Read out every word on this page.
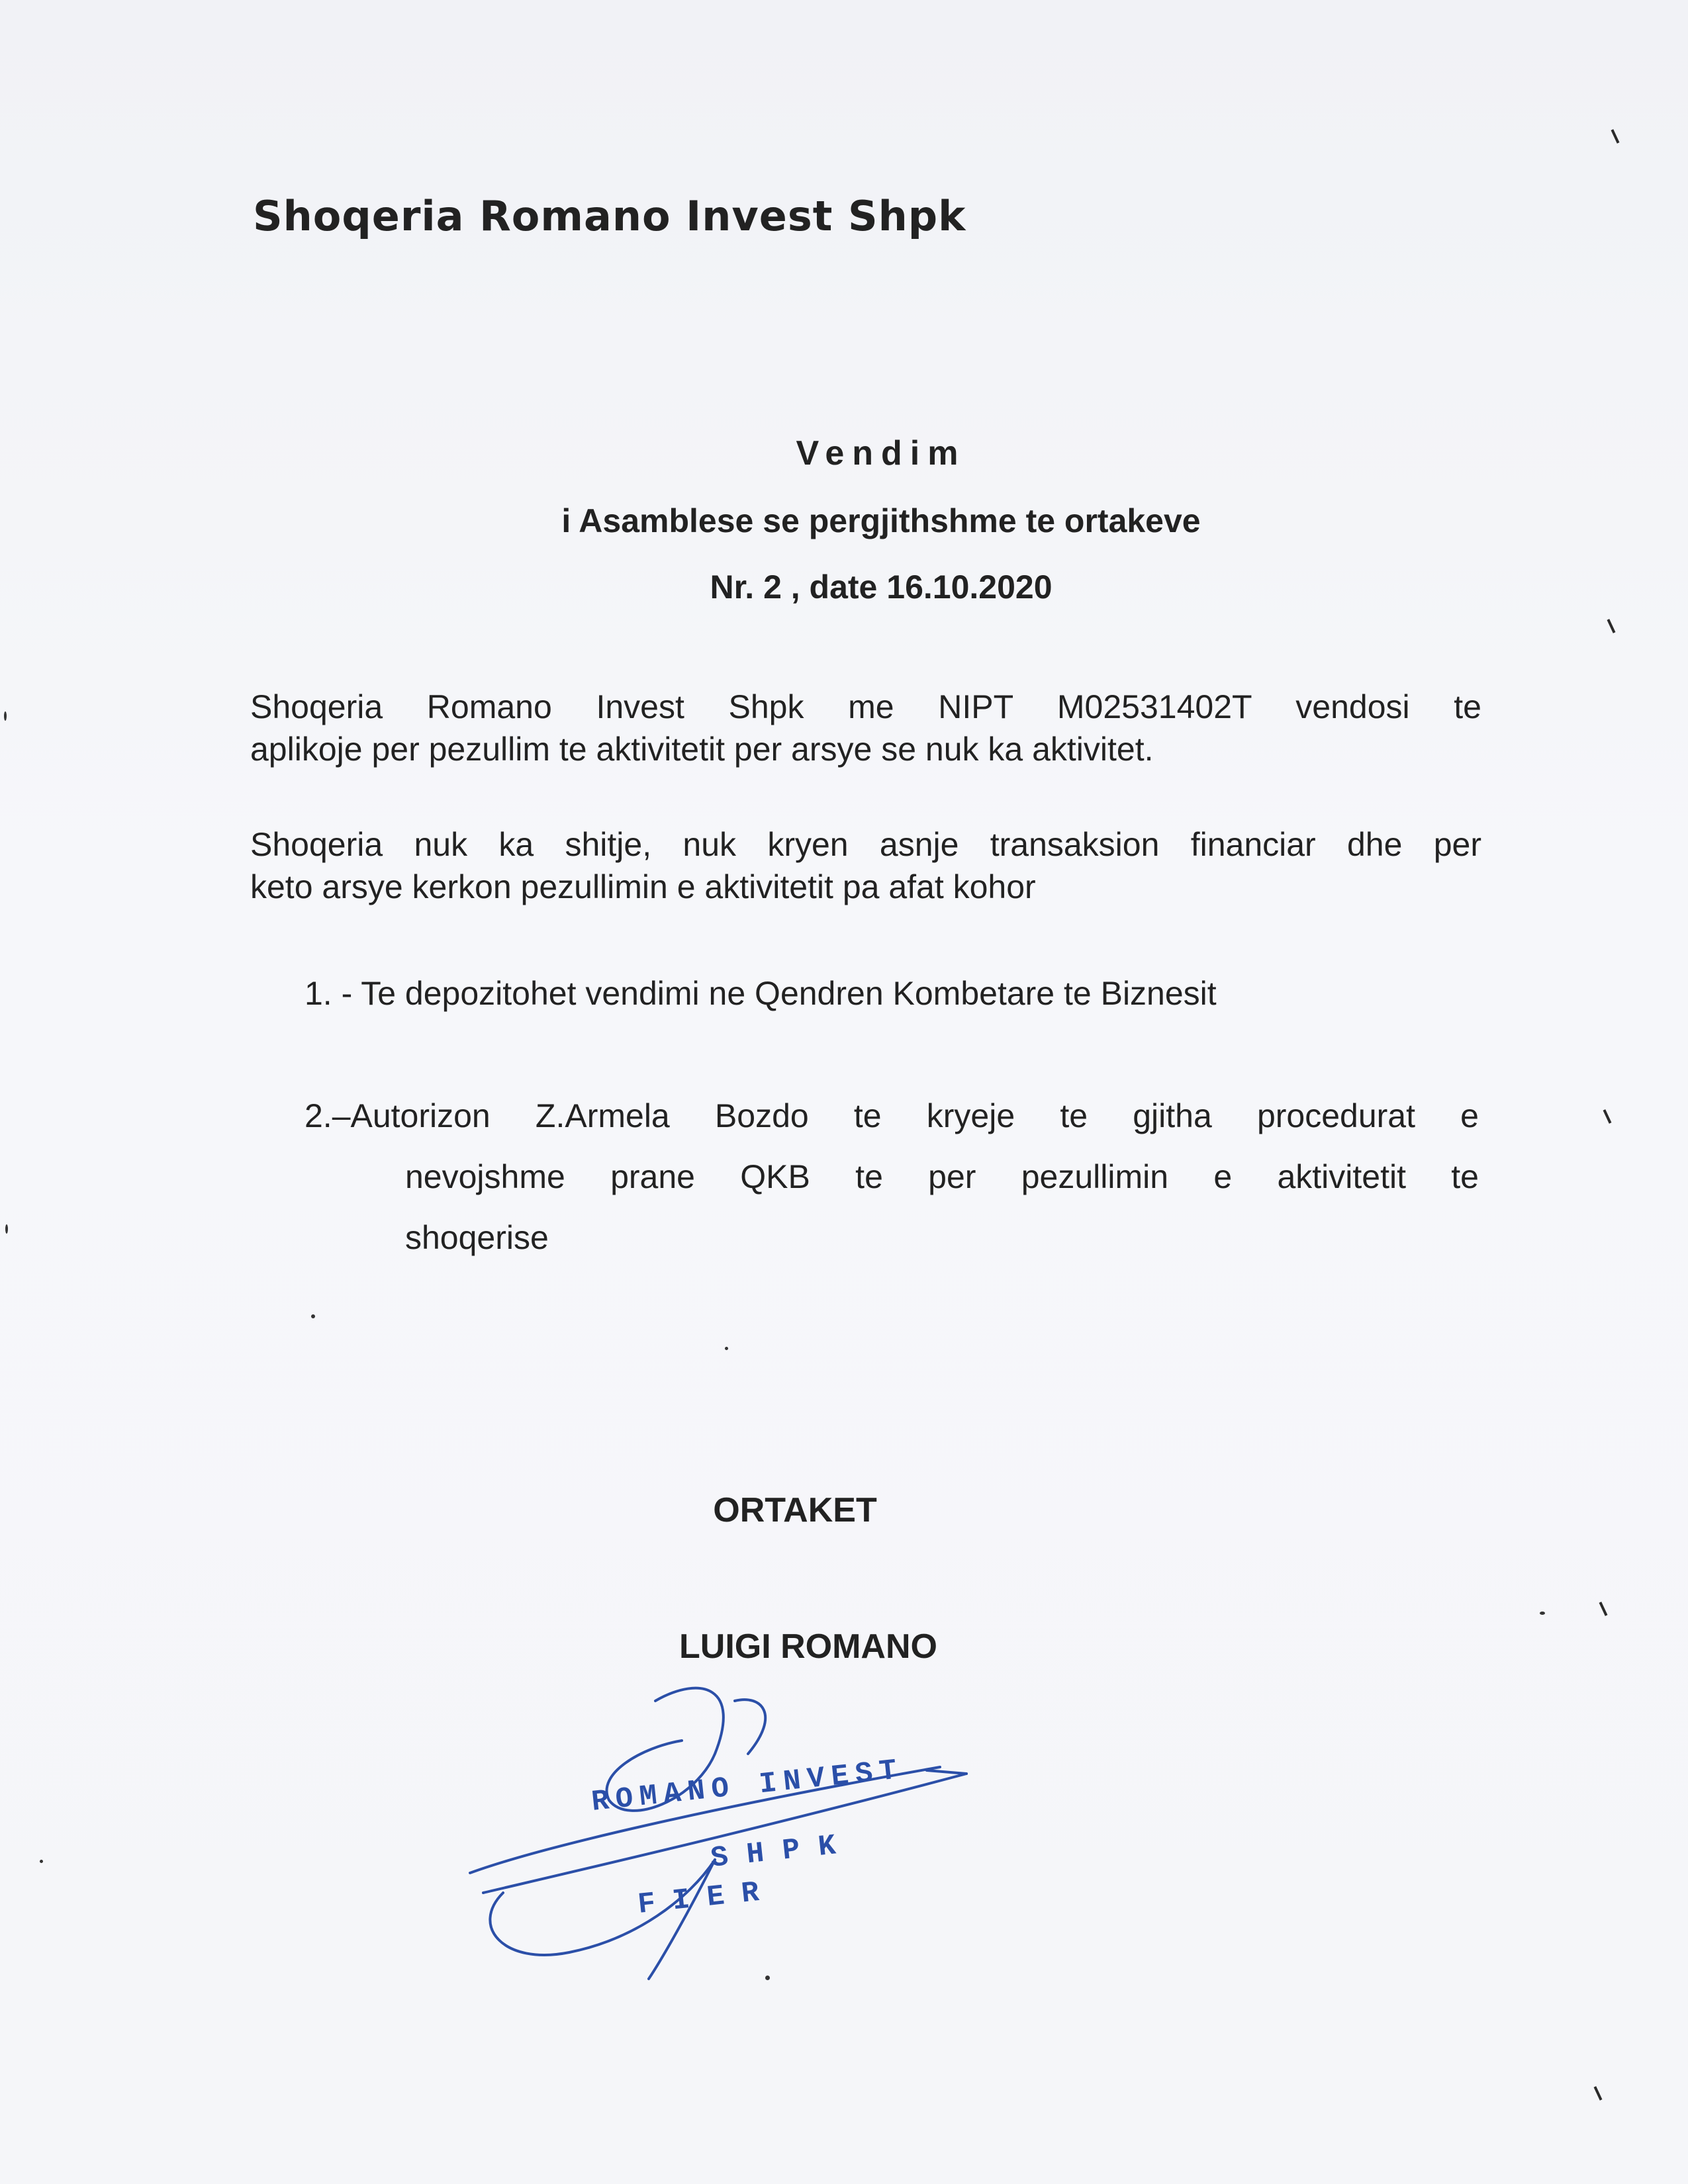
Shoqeria Romano Invest Shpk
Vendim
i Asamblese se pergjithshme te ortakeve
Nr. 2 , date 16.10.2020
Shoqeria Romano Invest Shpk me NIPT M02531402T vendosi te
aplikoje per pezullim te aktivitetit per arsye se nuk ka aktivitet.
Shoqeria nuk ka shitje, nuk kryen asnje transaksion financiar dhe per
keto arsye kerkon pezullimin e aktivitetit pa afat kohor
1. - Te depozitohet vendimi ne Qendren Kombetare te Biznesit
2.–Autorizon Z.Armela Bozdo te kryeje te gjitha procedurat e
nevojshme prane QKB te per pezullimin e aktivitetit te
shoqerise
ORTAKET
LUIGI ROMANO
ROMANO INVEST
SHPK
FIER
